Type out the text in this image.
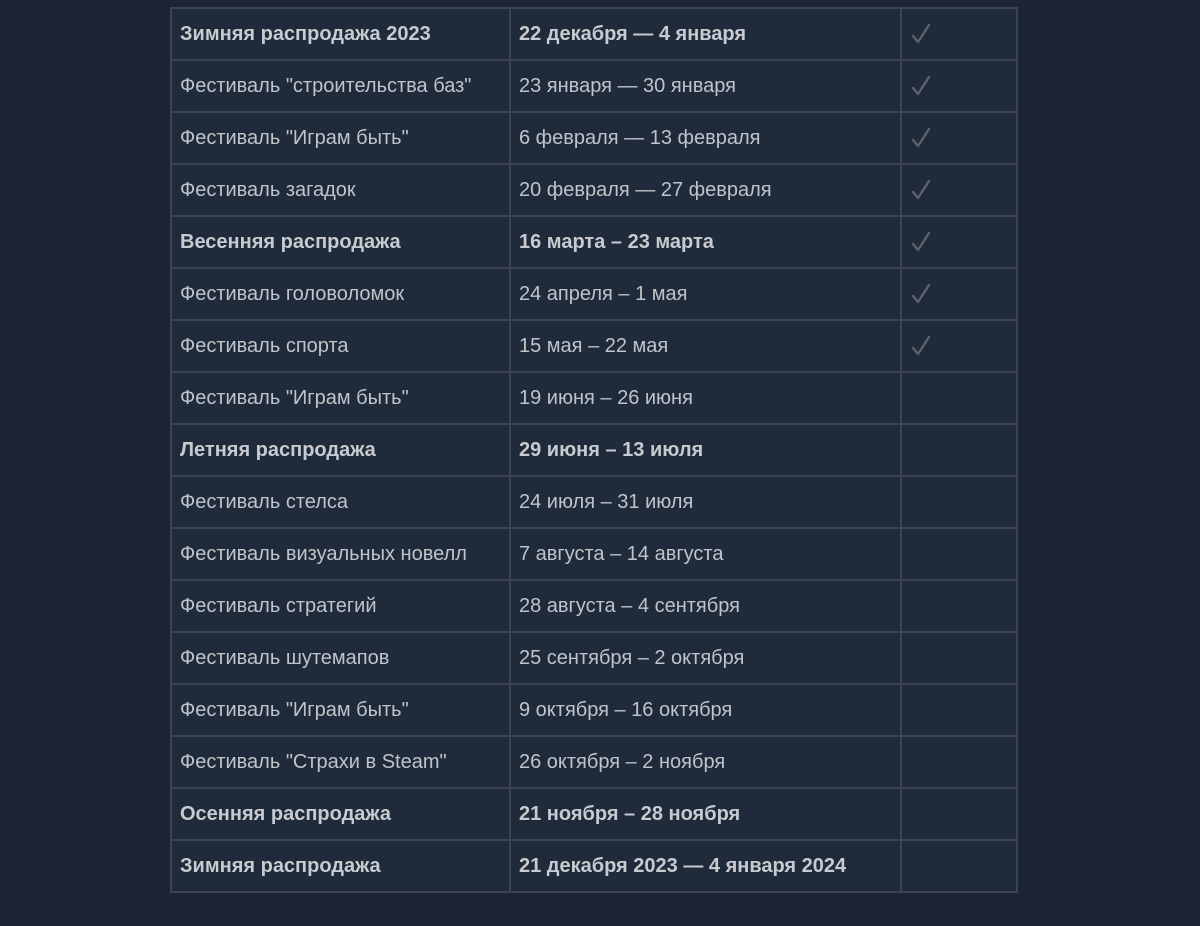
Зимняя распродажа 2023	22 декабря — 4 января	

Фестиваль "строительства баз"	23 января — 30 января	

Фестиваль "Играм быть"	6 февраля — 13 февраля	

Фестиваль загадок	20 февраля — 27 февраля	

Весенняя распродажа	16 марта – 23 марта	

Фестиваль головоломок	24 апреля – 1 мая	

Фестиваль спорта	15 мая – 22 мая	

Фестиваль "Играм быть"	19 июня – 26 июня	
Летняя распродажа	29 июня – 13 июля	
Фестиваль стелса	24 июля – 31 июля	
Фестиваль визуальных новелл	7 августа – 14 августа	
Фестиваль стратегий	28 августа – 4 сентября	
Фестиваль шутемапов	25 сентября – 2 октября	
Фестиваль "Играм быть"	9 октября – 16 октября	
Фестиваль "Страхи в Steam"	26 октября – 2 ноября	
Осенняя распродажа	21 ноября – 28 ноября	
Зимняя распродажа	21 декабря 2023 — 4 января 2024	
